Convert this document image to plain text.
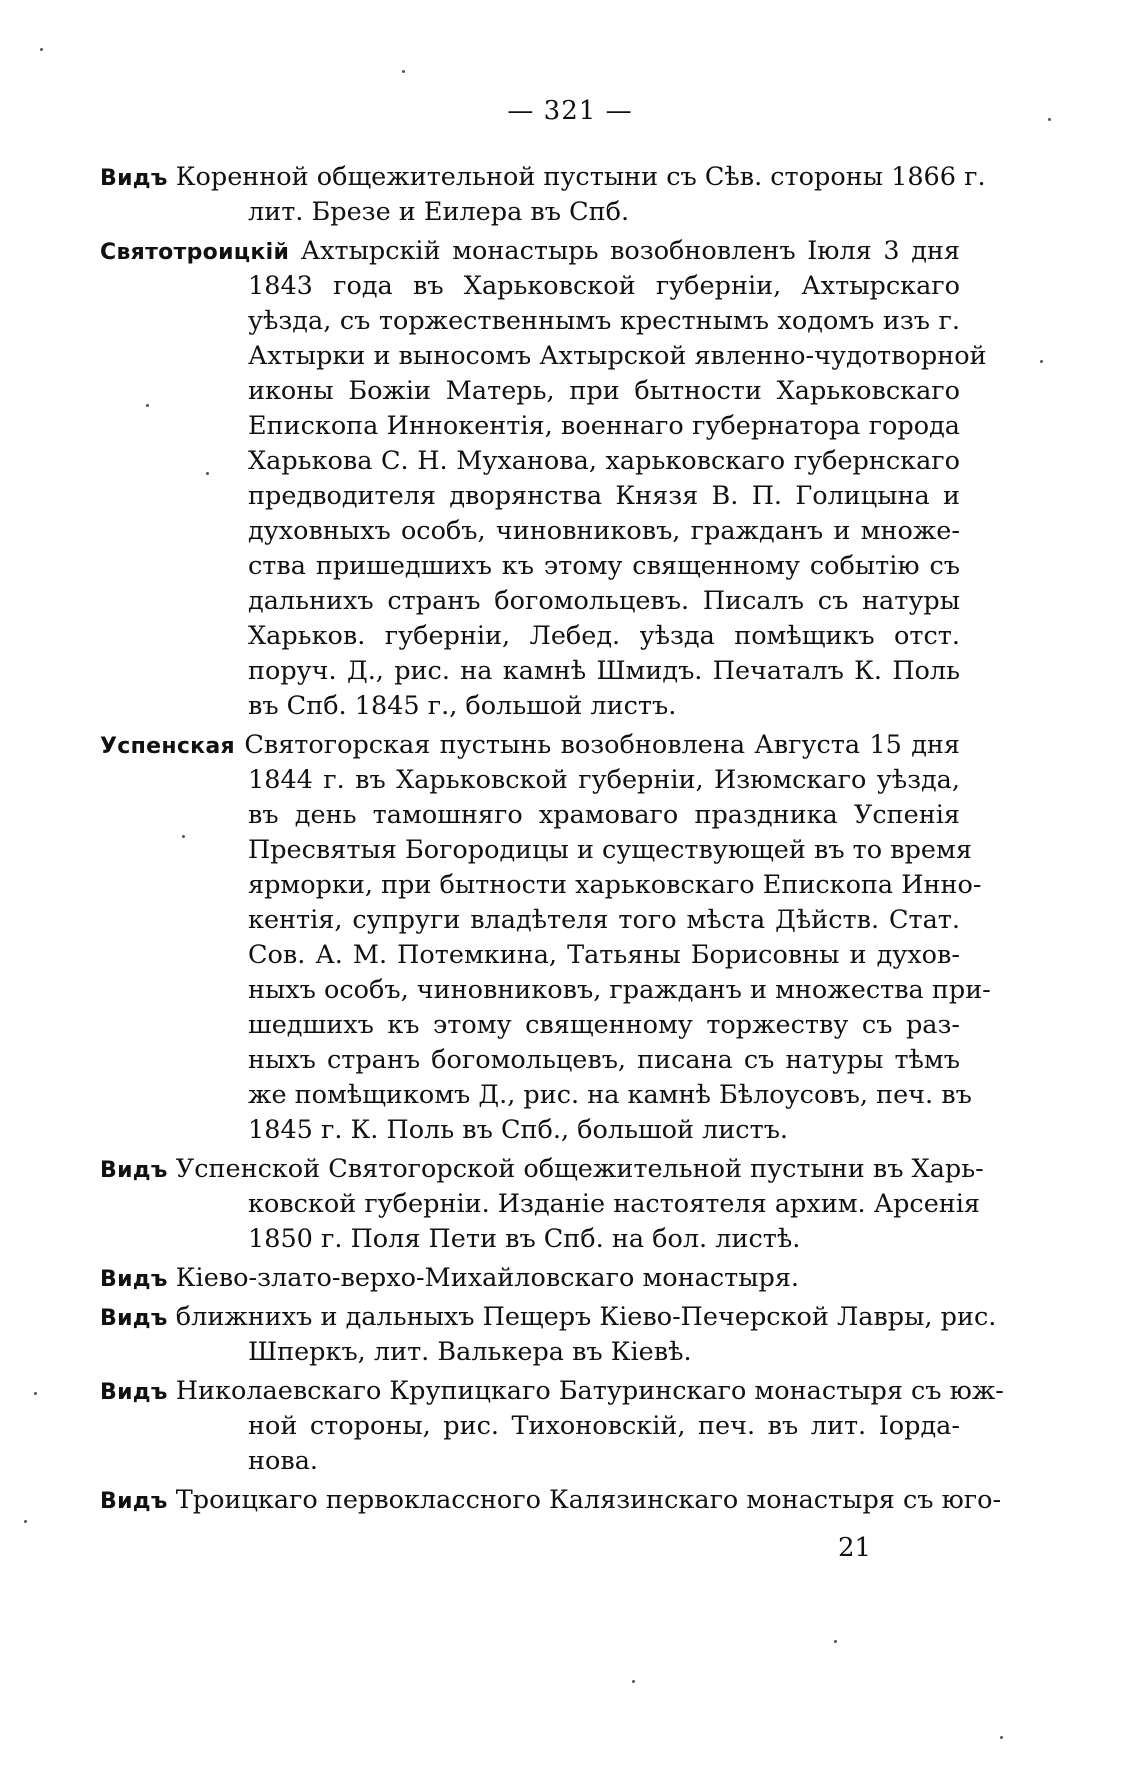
— 321 —
Видъ Коренной общежительной пустыни съ Сѣв. стороны 1866 г.
лит. Брезе и Еилера въ Спб.
Святотроицкій Ахтырскій монастырь возобновленъ Іюля 3 дня
1843 года въ Харьковской губерніи, Ахтырскаго
уѣзда, съ торжественнымъ крестнымъ ходомъ изъ г.
Ахтырки и выносомъ Ахтырской явленно-чудотворной
иконы Божіи Матерь, при бытности Харьковскаго
Епископа Иннокентія, военнаго губернатора города
Харькова С. Н. Муханова, харьковскаго губернскаго
предводителя дворянства Князя В. П. Голицына и
духовныхъ особъ, чиновниковъ, гражданъ и множе-
ства пришедшихъ къ этому священному событію съ
дальнихъ странъ богомольцевъ. Писалъ съ натуры
Харьков. губерніи, Лебед. уѣзда помѣщикъ отст.
поруч. Д., рис. на камнѣ Шмидъ. Печаталъ К. Поль
въ Спб. 1845 г., большой листъ.
Успенская Святогорская пустынь возобновлена Августа 15 дня
1844 г. въ Харьковской губерніи, Изюмскаго уѣзда,
въ день тамошняго храмоваго праздника Успенія
Пресвятыя Богородицы и существующей въ то время
ярморки, при бытности харьковскаго Епископа Инно-
кентія, супруги владѣтеля того мѣста Дѣйств. Стат.
Сов. А. М. Потемкина, Татьяны Борисовны и духов-
ныхъ особъ, чиновниковъ, гражданъ и множества при-
шедшихъ къ этому священному торжеству съ раз-
ныхъ странъ богомольцевъ, писана съ натуры тѣмъ
же помѣщикомъ Д., рис. на камнѣ Бѣлоусовъ, печ. въ
1845 г. К. Поль въ Спб., большой листъ.
Видъ Успенской Святогорской общежительной пустыни въ Харь-
ковской губерніи. Изданіе настоятеля архим. Арсенія
1850 г. Поля Пети въ Спб. на бол. листѣ.
Видъ Кіево-злато-верхо-Михайловскаго монастыря.
Видъ ближнихъ и дальныхъ Пещеръ Кіево-Печерской Лавры, рис.
Шперкъ, лит. Валькера въ Кіевѣ.
Видъ Николаевскаго Крупицкаго Батуринскаго монастыря съ юж-
ной стороны, рис. Тихоновскій, печ. въ лит. Іорда-
нова.
Видъ Троицкаго первоклассного Калязинскаго монастыря съ юго-
21
